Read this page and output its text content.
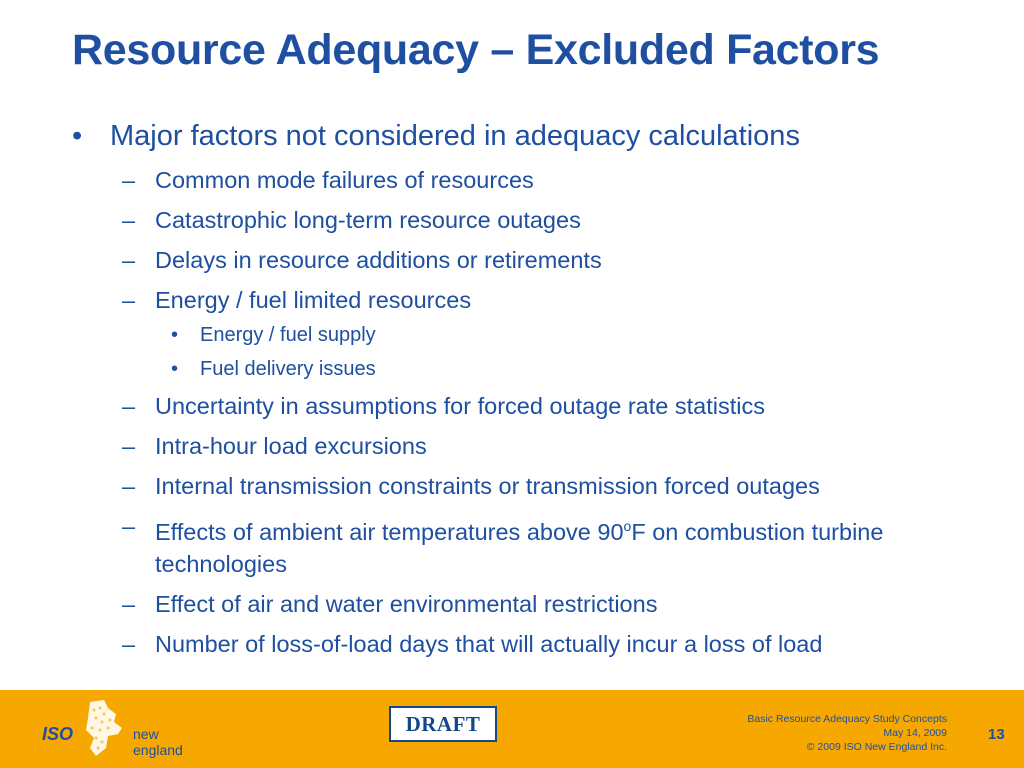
Resource Adequacy – Excluded Factors
• Major factors not considered in adequacy calculations
– Common mode failures of resources
– Catastrophic long-term resource outages
– Delays in resource additions or retirements
– Energy / fuel limited resources
• Energy / fuel supply
• Fuel delivery issues
– Uncertainty in assumptions for forced outage rate statistics
– Intra-hour load excursions
– Internal transmission constraints or transmission forced outages
– Effects of ambient air temperatures above 90$^o$F on combustion turbine technologies
– Effect of air and water environmental restrictions
– Number of loss-of-load days that will actually incur a loss of load
ISO	new england
DRAFT	Basic Resource Adequacy Study Concepts
May 14, 2009
© 2009 ISO New England Inc.
13
